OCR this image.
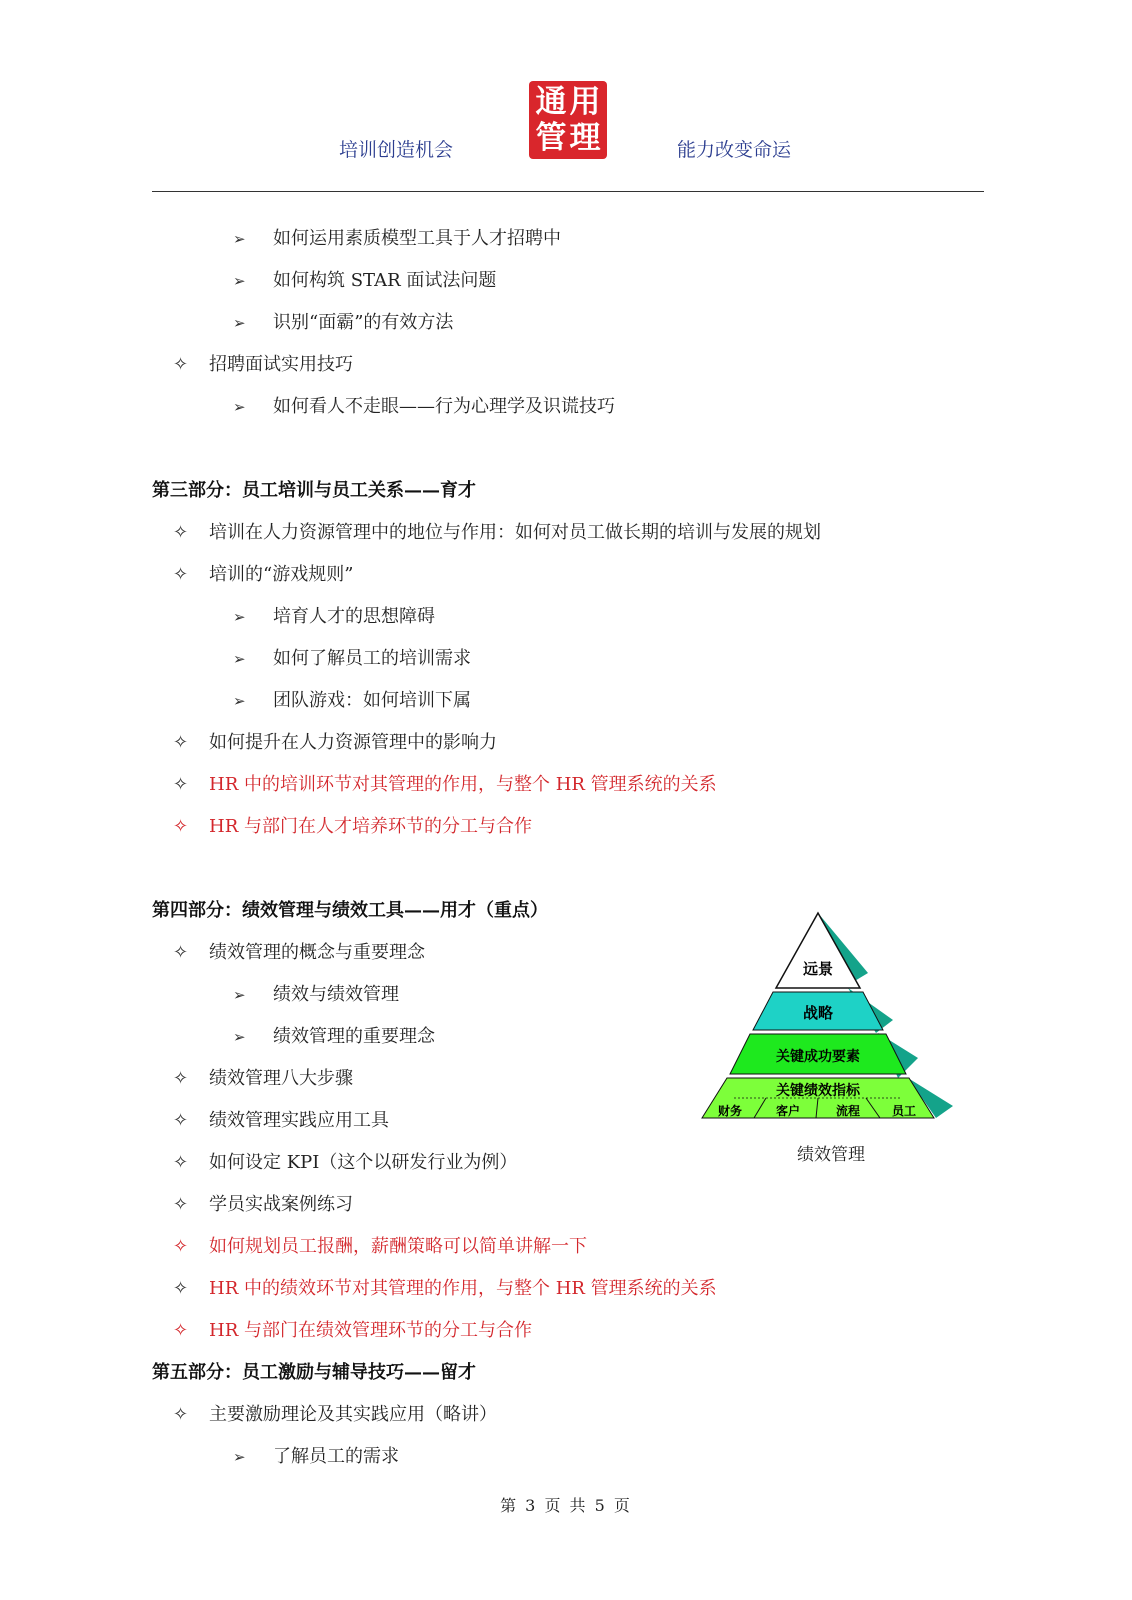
培训创造机会
通 用
管 理	能力改变命运
➢ 如何运用素质模型工具于人才招聘中
➢ 如何构筑 STAR 面试法问题
➢ 识别“面霸”的有效方法
✧ 招聘面试实用技巧
➢ 如何看人不走眼——行为心理学及识谎技巧
第三部分：员工培训与员工关系——育才
✧ 培训在人力资源管理中的地位与作用：如何对员工做长期的培训与发展的规划
✧ 培训的“游戏规则”
➢ 培育人才的思想障碍
➢ 如何了解员工的培训需求
➢ 团队游戏：如何培训下属
✧ 如何提升在人力资源管理中的影响力
✧ HR 中的培训环节对其管理的作用，与整个 HR 管理系统的关系
✧ HR 与部门在人才培养环节的分工与合作
第四部分：绩效管理与绩效工具——用才（重点）
✧ 绩效管理的概念与重要理念
➢ 绩效与绩效管理
➢ 绩效管理的重要理念
✧ 绩效管理八大步骤
✧ 绩效管理实践应用工具
✧ 如何设定 KPI（这个以研发行业为例）
✧ 学员实战案例练习
✧ 如何规划员工报酬，薪酬策略可以简单讲解一下
✧ HR 中的绩效环节对其管理的作用，与整个 HR 管理系统的关系
✧ HR 与部门在绩效管理环节的分工与合作
远景
战略
关键成功要素
关键绩效指标
财务	客户	流程	员工
绩效管理
第五部分：员工激励与辅导技巧——留才
✧ 主要激励理论及其实践应用（略讲）
➢ 了解员工的需求
第 3 页 共 5 页
